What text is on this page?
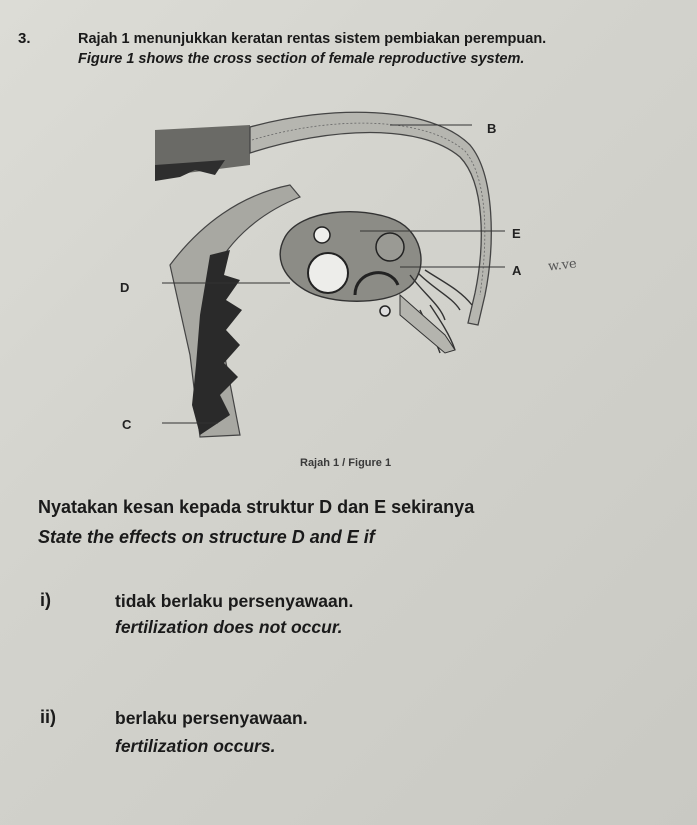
3.	Rajah 1 menunjukkan keratan rentas sistem pembiakan perempuan.
Figure 1 shows the cross section of female reproductive system.
B
E
A
D
C
w.ve
Rajah 1 / Figure 1
Nyatakan kesan kepada struktur D dan E sekiranya
State the effects on structure D and E if
i)	tidak berlaku persenyawaan.
fertilization does not occur.
ii)	berlaku persenyawaan.
fertilization occurs.
